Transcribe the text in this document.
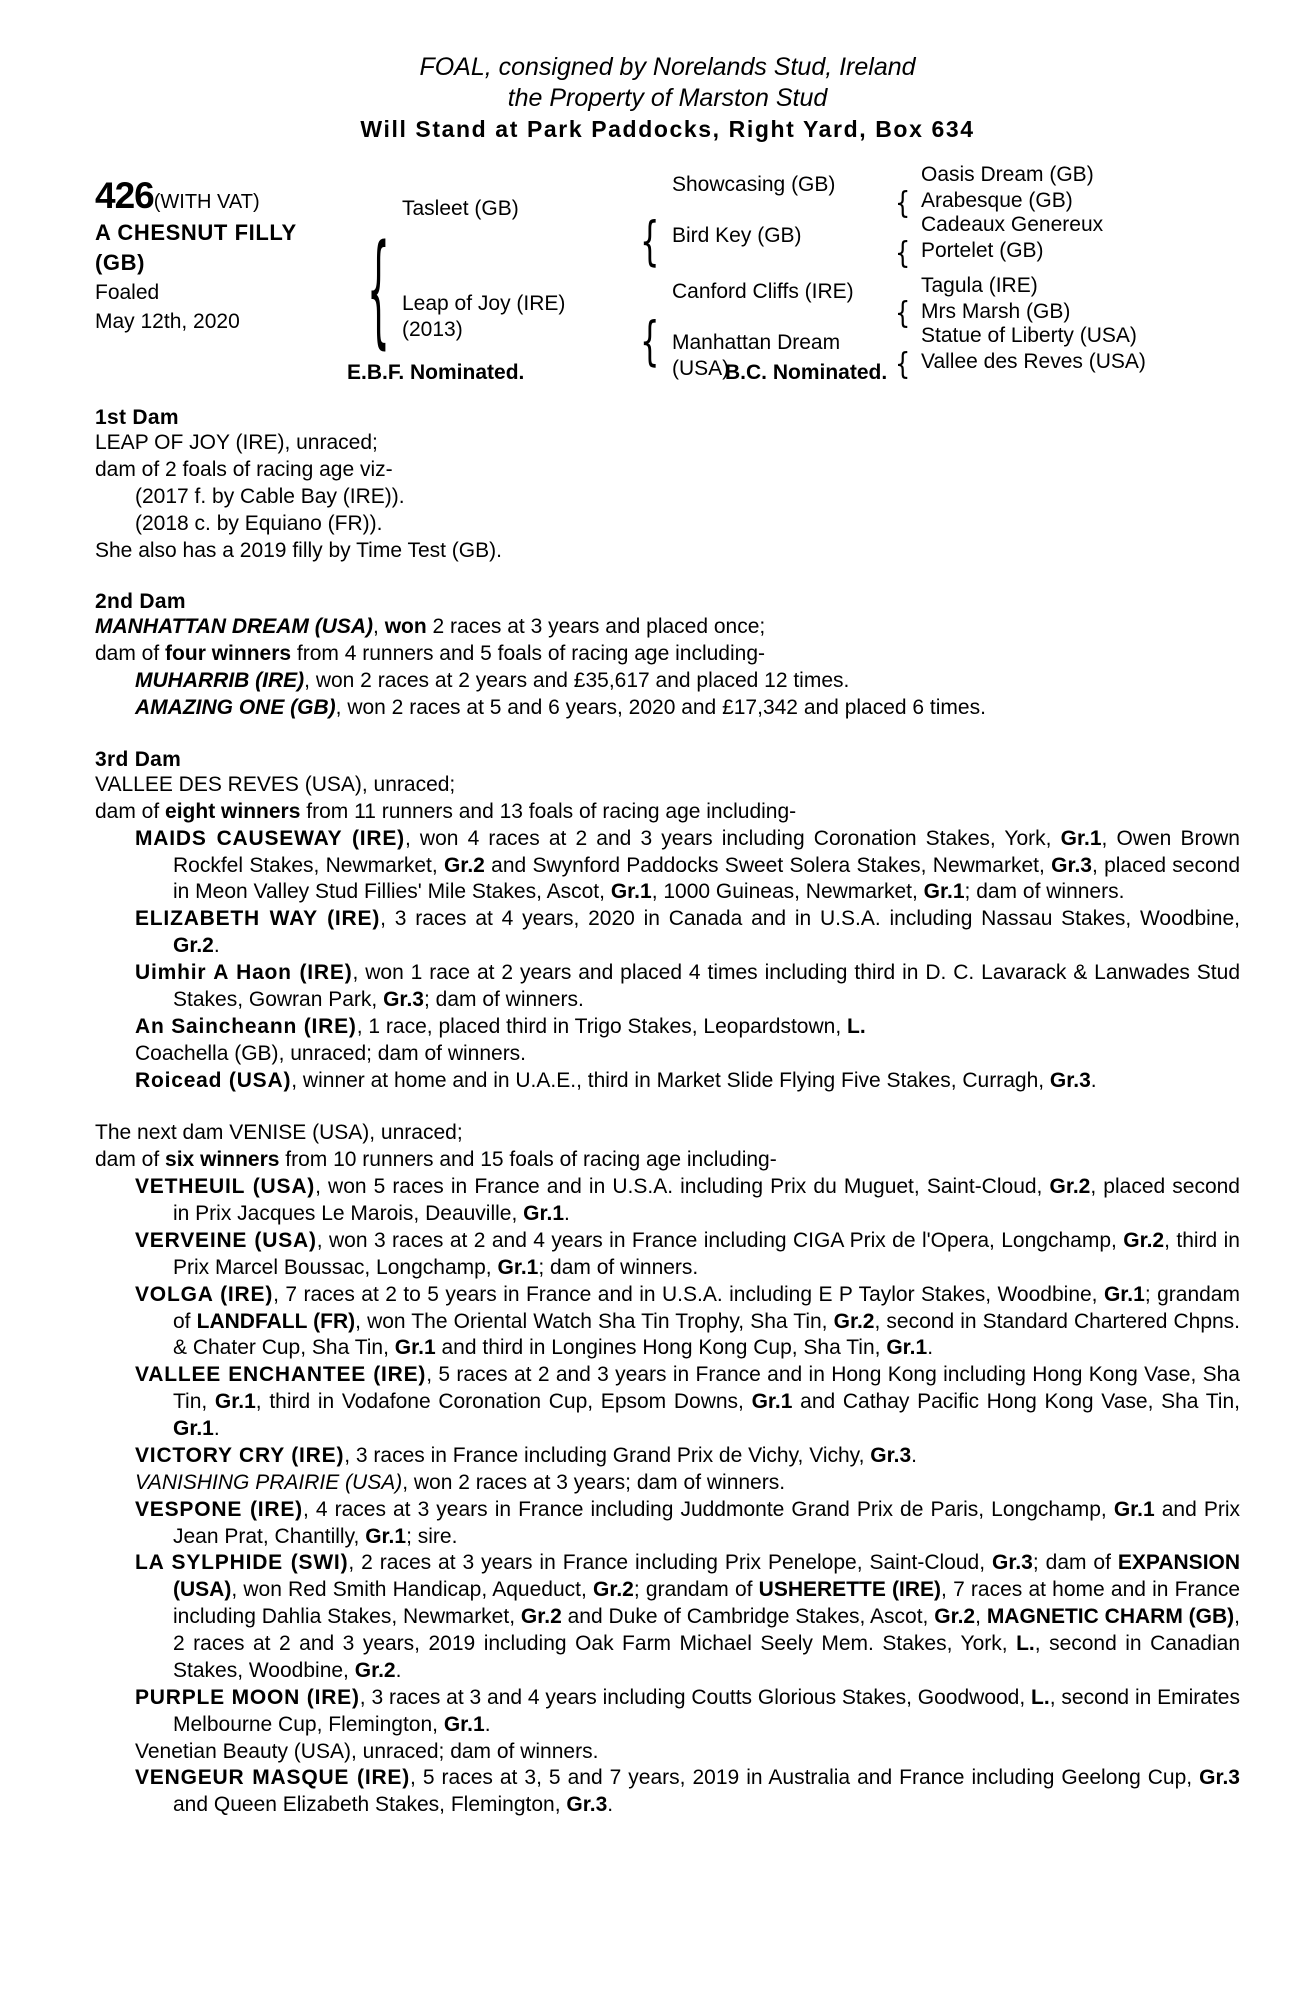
FOAL, consigned by Norelands Stud, Ireland
the Property of Marston Stud
Will Stand at Park Paddocks, Right Yard, Box 634
426(WITH VAT)
A CHESNUT FILLY
(GB)
Foaled
May 12th, 2020	{	{
{
{
{
{
{
Tasleet (GB)
Leap of Joy (IRE)
(2013)
Showcasing (GB)
Bird Key (GB)
Canford Cliffs (IRE)
Manhattan Dream
(USA)
Oasis Dream (GB)
Arabesque (GB)
Cadeaux Genereux
Portelet (GB)
Tagula (IRE)
Mrs Marsh (GB)
Statue of Liberty (USA)
Vallee des Reves (USA)
E.B.F. Nominated.	B.C. Nominated.
1st Dam

LEAP OF JOY (IRE), unraced;

dam of 2 foals of racing age viz-

(2017 f. by Cable Bay (IRE)).

(2018 c. by Equiano (FR)).

She also has a 2019 filly by Time Test (GB).

2nd Dam

MANHATTAN DREAM (USA), won 2 races at 3 years and placed once;

dam of four winners from 4 runners and 5 foals of racing age including-

MUHARRIB (IRE), won 2 races at 2 years and £35,617 and placed 12 times.

AMAZING ONE (GB), won 2 races at 5 and 6 years, 2020 and £17,342 and placed 6 times.

3rd Dam

VALLEE DES REVES (USA), unraced;

dam of eight winners from 11 runners and 13 foals of racing age including-

MAIDS CAUSEWAY (IRE), won 4 races at 2 and 3 years including Coronation Stakes, York, Gr.1, Owen Brown Rockfel Stakes, Newmarket, Gr.2 and Swynford Paddocks Sweet Solera Stakes, Newmarket, Gr.3, placed second in Meon Valley Stud Fillies' Mile Stakes, Ascot, Gr.1, 1000 Guineas, Newmarket, Gr.1; dam of winners.

ELIZABETH WAY (IRE), 3 races at 4 years, 2020 in Canada and in U.S.A. including Nassau Stakes, Woodbine, Gr.2.

Uimhir A Haon (IRE), won 1 race at 2 years and placed 4 times including third in D. C. Lavarack & Lanwades Stud Stakes, Gowran Park, Gr.3; dam of winners.

An Saincheann (IRE), 1 race, placed third in Trigo Stakes, Leopardstown, L.

Coachella (GB), unraced; dam of winners.

Roicead (USA), winner at home and in U.A.E., third in Market Slide Flying Five Stakes, Curragh, Gr.3.

The next dam VENISE (USA), unraced;

dam of six winners from 10 runners and 15 foals of racing age including-

VETHEUIL (USA), won 5 races in France and in U.S.A. including Prix du Muguet, Saint-Cloud, Gr.2, placed second in Prix Jacques Le Marois, Deauville, Gr.1.

VERVEINE (USA), won 3 races at 2 and 4 years in France including CIGA Prix de l'Opera, Longchamp, Gr.2, third in Prix Marcel Boussac, Longchamp, Gr.1; dam of winners.

VOLGA (IRE), 7 races at 2 to 5 years in France and in U.S.A. including E P Taylor Stakes, Woodbine, Gr.1; grandam of LANDFALL (FR), won The Oriental Watch Sha Tin Trophy, Sha Tin, Gr.2, second in Standard Chartered Chpns. & Chater Cup, Sha Tin, Gr.1 and third in Longines Hong Kong Cup, Sha Tin, Gr.1.

VALLEE ENCHANTEE (IRE), 5 races at 2 and 3 years in France and in Hong Kong including Hong Kong Vase, Sha Tin, Gr.1, third in Vodafone Coronation Cup, Epsom Downs, Gr.1 and Cathay Pacific Hong Kong Vase, Sha Tin, Gr.1.

VICTORY CRY (IRE), 3 races in France including Grand Prix de Vichy, Vichy, Gr.3.

VANISHING PRAIRIE (USA), won 2 races at 3 years; dam of winners.

VESPONE (IRE), 4 races at 3 years in France including Juddmonte Grand Prix de Paris, Longchamp, Gr.1 and Prix Jean Prat, Chantilly, Gr.1; sire.

LA SYLPHIDE (SWI), 2 races at 3 years in France including Prix Penelope, Saint-Cloud, Gr.3; dam of EXPANSION (USA), won Red Smith Handicap, Aqueduct, Gr.2; grandam of USHERETTE (IRE), 7 races at home and in France including Dahlia Stakes, Newmarket, Gr.2 and Duke of Cambridge Stakes, Ascot, Gr.2, MAGNETIC CHARM (GB), 2 races at 2 and 3 years, 2019 including Oak Farm Michael Seely Mem. Stakes, York, L., second in Canadian Stakes, Woodbine, Gr.2.

PURPLE MOON (IRE), 3 races at 3 and 4 years including Coutts Glorious Stakes, Goodwood, L., second in Emirates Melbourne Cup, Flemington, Gr.1.

Venetian Beauty (USA), unraced; dam of winners.

VENGEUR MASQUE (IRE), 5 races at 3, 5 and 7 years, 2019 in Australia and France including Geelong Cup, Gr.3 and Queen Elizabeth Stakes, Flemington, Gr.3.
